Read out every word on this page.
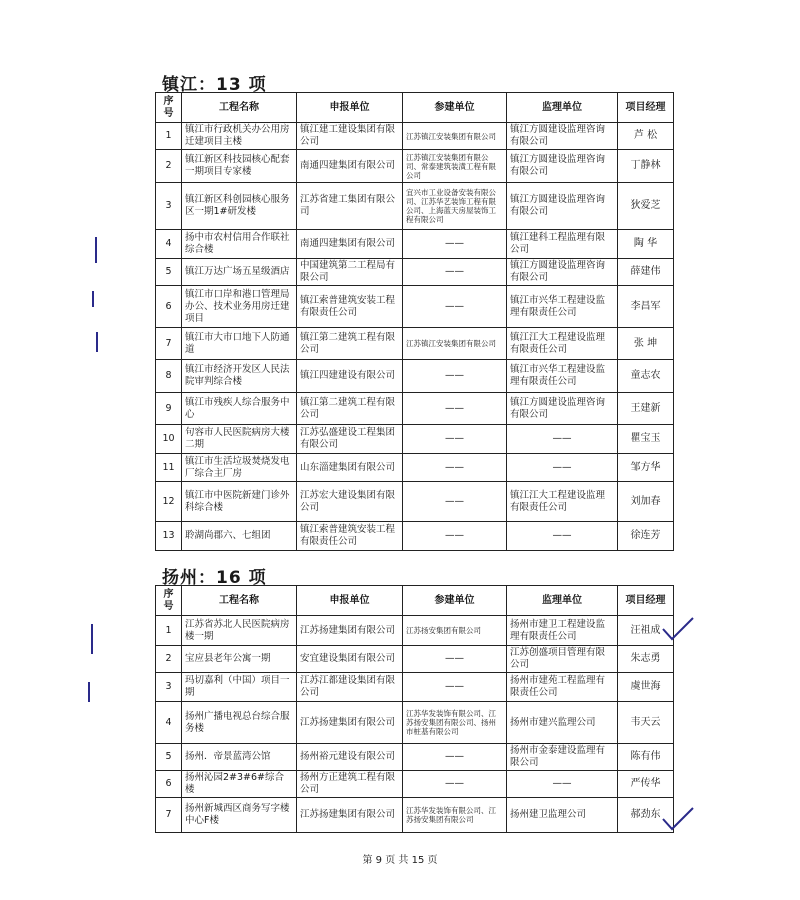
镇江：13 项
序号	工程名称	申报单位	参建单位	监理单位	项目经理
1	镇江市行政机关办公用房迁建项目主楼	镇江建工建设集团有限公司	江苏镇江安装集团有限公司	镇江方圆建设监理咨询有限公司	芦 松
2	镇江新区科技园核心配套一期项目专家楼	南通四建集团有限公司	江苏镇江安装集团有限公司、常泰建筑装潢工程有限公司	镇江方圆建设监理咨询有限公司	丁静林
3	镇江新区科创园核心服务区一期1#研发楼	江苏省建工集团有限公司	宜兴市工业设备安装有限公司、江苏华艺装饰工程有限公司、上海蓝天房屋装饰工程有限公司	镇江方圆建设监理咨询有限公司	狄爱芝
4	扬中市农村信用合作联社综合楼	南通四建集团有限公司	——	镇江建科工程监理有限公司	陶 华
5	镇江万达广场五星级酒店	中国建筑第二工程局有限公司	——	镇江方圆建设监理咨询有限公司	薛建伟
6	镇江市口岸和港口管理局办公、技术业务用房迁建项目	镇江索普建筑安装工程有限责任公司	——	镇江市兴华工程建设监理有限责任公司	李昌军
7	镇江市大市口地下人防通道	镇江第二建筑工程有限公司	江苏镇江安装集团有限公司	镇江江大工程建设监理有限责任公司	张 坤
8	镇江市经济开发区人民法院审判综合楼	镇江四建建设有限公司	——	镇江市兴华工程建设监理有限责任公司	童志农
9	镇江市残疾人综合服务中心	镇江第二建筑工程有限公司	——	镇江方圆建设监理咨询有限公司	王建新
10	句容市人民医院病房大楼二期	江苏弘盛建设工程集团有限公司	——	——	瞿宝玉
11	镇江市生活垃圾焚烧发电厂综合主厂房	山东淄建集团有限公司	——	——	邹方华
12	镇江市中医院新建门诊外科综合楼	江苏宏大建设集团有限公司	——	镇江江大工程建设监理有限责任公司	刘加春
13	聆湖尚郡六、七组团	镇江索普建筑安装工程有限责任公司	——	——	徐连芳
扬州：16 项
序号	工程名称	申报单位	参建单位	监理单位	项目经理
1	江苏省苏北人民医院病房楼一期	江苏扬建集团有限公司	江苏扬安集团有限公司	扬州市建卫工程建设监理有限责任公司	汪祖成
2	宝应县老年公寓一期	安宜建设集团有限公司	——	江苏创盛项目管理有限公司	朱志勇
3	玛切嘉利（中国）项目一期	江苏江都建设集团有限公司	——	扬州市建苑工程监理有限责任公司	虞世海
4	扬州广播电视总台综合服务楼	江苏扬建集团有限公司	江苏华发装饰有限公司、江苏扬安集团有限公司、扬州市桩基有限公司	扬州市建兴监理公司	韦天云
5	扬州．帝景蓝湾公馆	扬州裕元建设有限公司	——	扬州市金泰建设监理有限公司	陈有伟
6	扬州沁园2#3#6#综合楼	扬州方正建筑工程有限公司	——	——	严传华
7	扬州新城西区商务写字楼中心F楼	江苏扬建集团有限公司	江苏华发装饰有限公司、江苏扬安集团有限公司	扬州建卫监理公司	郝劲东
第 9 页 共 15 页
